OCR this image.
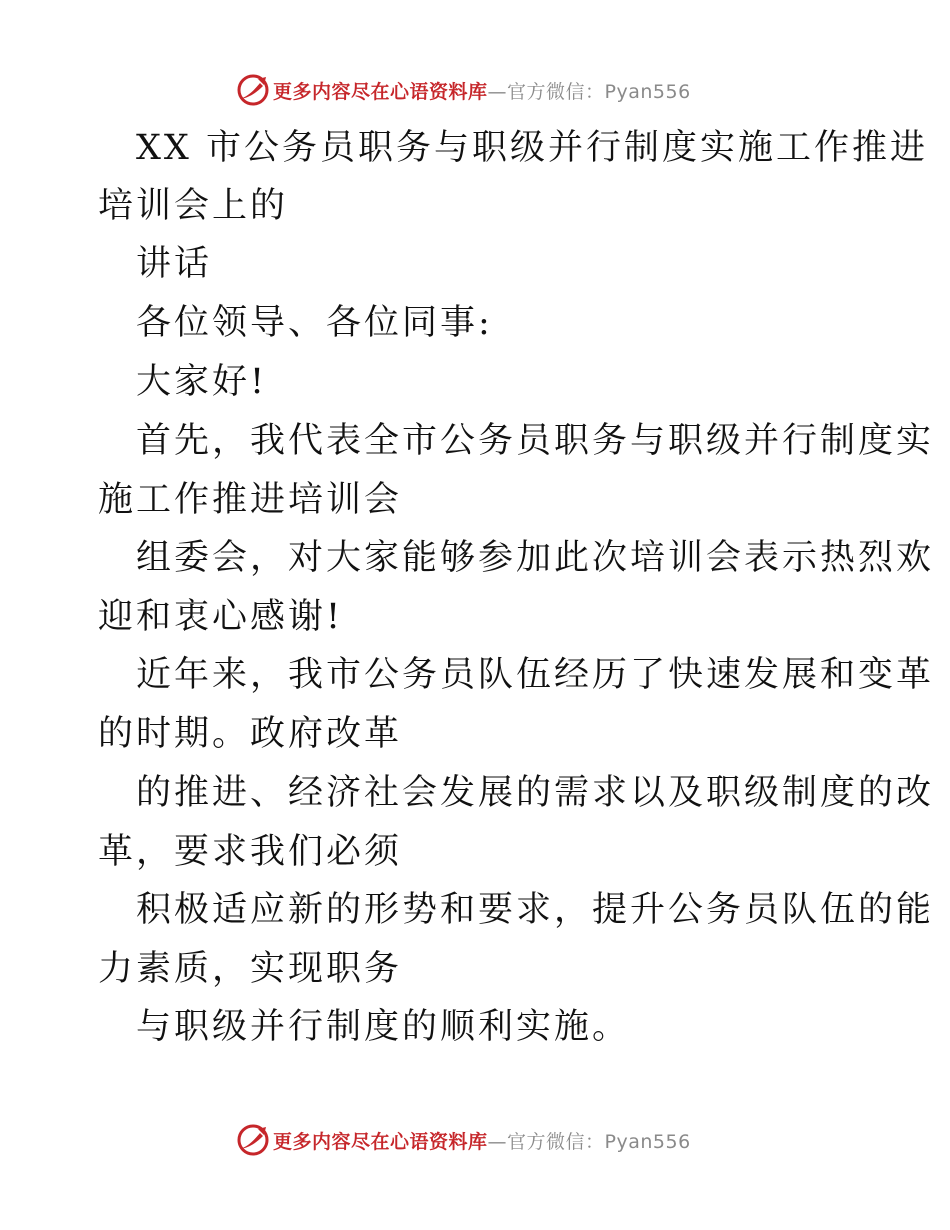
更多内容尽在心语资料库—官方微信：Pyan556
XX 市公务员职务与职级并行制度实施工作推进
培训会上的
讲话
各位领导、各位同事:
大家好!
首先，我代表全市公务员职务与职级并行制度实
施工作推进培训会
组委会，对大家能够参加此次培训会表示热烈欢
迎和衷心感谢!
近年来，我市公务员队伍经历了快速发展和变革
的时期。政府改革
的推进、经济社会发展的需求以及职级制度的改
革，要求我们必须
积极适应新的形势和要求，提升公务员队伍的能
力素质，实现职务
与职级并行制度的顺利实施。
更多内容尽在心语资料库—官方微信：Pyan556
